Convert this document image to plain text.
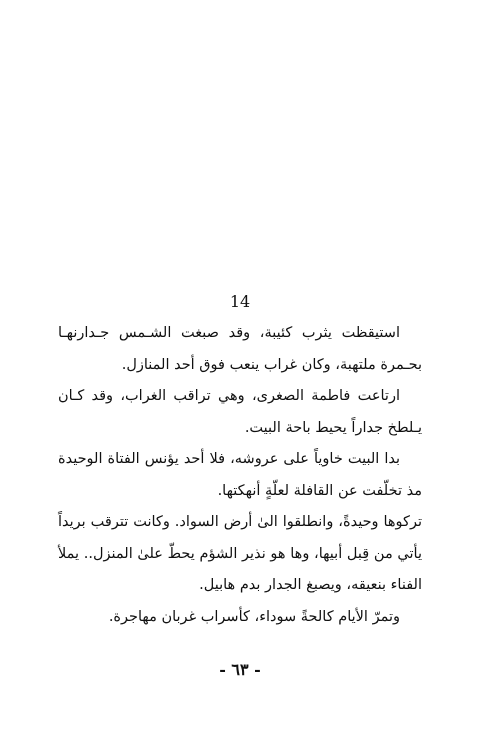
14

استيقظت يثرب كئيبة، وقد صبغت الشـمس جـدارنهـا بحـمرة ملتهبة، وكان غراب ينعب فوق أحد المنازل.

ارتاعت فاطمة الصغرى، وهي تراقب الغراب، وقد كـان يـلطخ جداراً يحيط باحة البيت.

بدا البيت خاوياً على عروشه، فلا أحد يؤنس الفتاة الوحيدة مذ تخلّفت عن القافلة لعلّةٍ أنهكتها.

تركوها وحيدةً، وانطلقوا الىٰ أرض السواد. وكانت تترقب بريداً يأتي من قِبل أبيها، وها هو نذير الشؤم يحطّ علىٰ المنزل.. يملأ الفناء بنعيقه، ويصبغ الجدار بدم هابيل.

وتمرّ الأيام كالحةً سوداء، كأسراب غربان مهاجرة.

- ٦٣ -
